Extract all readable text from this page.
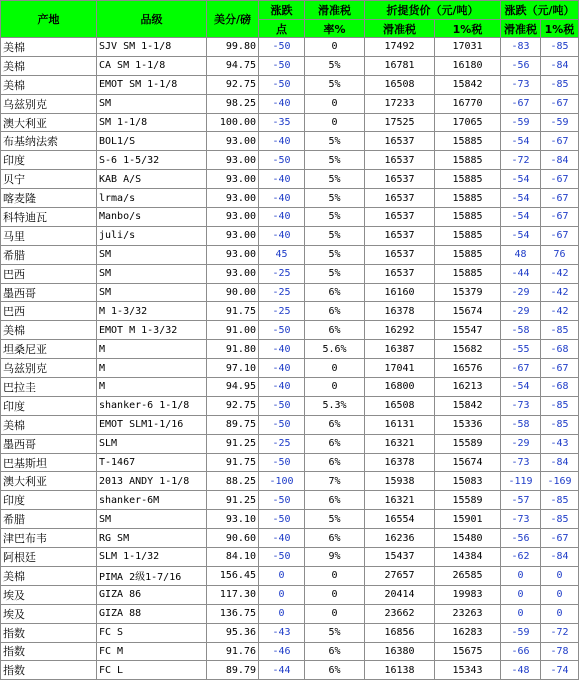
产地	品级	美分/磅	涨跌	滑准税	折提货价（元/吨）		涨跌（元/吨）	
			点	率%	滑准税	1%税	滑准税	1%税
美棉	SJV SM 1-1/8	99.80	-50	0	17492	17031	-83	-85
美棉	CA SM 1-1/8	94.75	-50	5%	16781	16180	-56	-84
美棉	EMOT SM 1-1/8	92.75	-50	5%	16508	15842	-73	-85
乌兹别克	SM	98.25	-40	0	17233	16770	-67	-67
澳大利亚	SM 1-1/8	100.00	-35	0	17525	17065	-59	-59
布基纳法索	BOL1/S	93.00	-40	5%	16537	15885	-54	-67
印度	S-6 1-5/32	93.00	-50	5%	16537	15885	-72	-84
贝宁	KAB A/S	93.00	-40	5%	16537	15885	-54	-67
喀麦隆	lrma/s	93.00	-40	5%	16537	15885	-54	-67
科特迪瓦	Manbo/s	93.00	-40	5%	16537	15885	-54	-67
马里	juli/s	93.00	-40	5%	16537	15885	-54	-67
希腊	SM	93.00	45	5%	16537	15885	48	76
巴西	SM	93.00	-25	5%	16537	15885	-44	-42
墨西哥	SM	90.00	-25	6%	16160	15379	-29	-42
巴西	M 1-3/32	91.75	-25	6%	16378	15674	-29	-42
美棉	EMOT M 1-3/32	91.00	-50	6%	16292	15547	-58	-85
坦桑尼亚	M	91.80	-40	5.6%	16387	15682	-55	-68
乌兹别克	M	97.10	-40	0	17041	16576	-67	-67
巴拉圭	M	94.95	-40	0	16800	16213	-54	-68
印度	shanker-6 1-1/8	92.75	-50	5.3%	16508	15842	-73	-85
美棉	EMOT SLM1-1/16	89.75	-50	6%	16131	15336	-58	-85
墨西哥	SLM	91.25	-25	6%	16321	15589	-29	-43
巴基斯坦	T-1467	91.75	-50	6%	16378	15674	-73	-84
澳大利亚	2013 ANDY 1-1/8	88.25	-100	7%	15938	15083	-119	-169
印度	shanker-6M	91.25	-50	6%	16321	15589	-57	-85
希腊	SM	93.10	-50	5%	16554	15901	-73	-85
津巴布韦	RG SM	90.60	-40	6%	16236	15480	-56	-67
阿根廷	SLM 1-1/32	84.10	-50	9%	15437	14384	-62	-84
美棉	PIMA 2级1-7/16	156.45	0	0	27657	26585	0	0
埃及	GIZA 86	117.30	0	0	20414	19983	0	0
埃及	GIZA 88	136.75	0	0	23662	23263	0	0
指数	FC S	95.36	-43	5%	16856	16283	-59	-72
指数	FC M	91.76	-46	6%	16380	15675	-66	-78
指数	FC L	89.79	-44	6%	16138	15343	-48	-74
